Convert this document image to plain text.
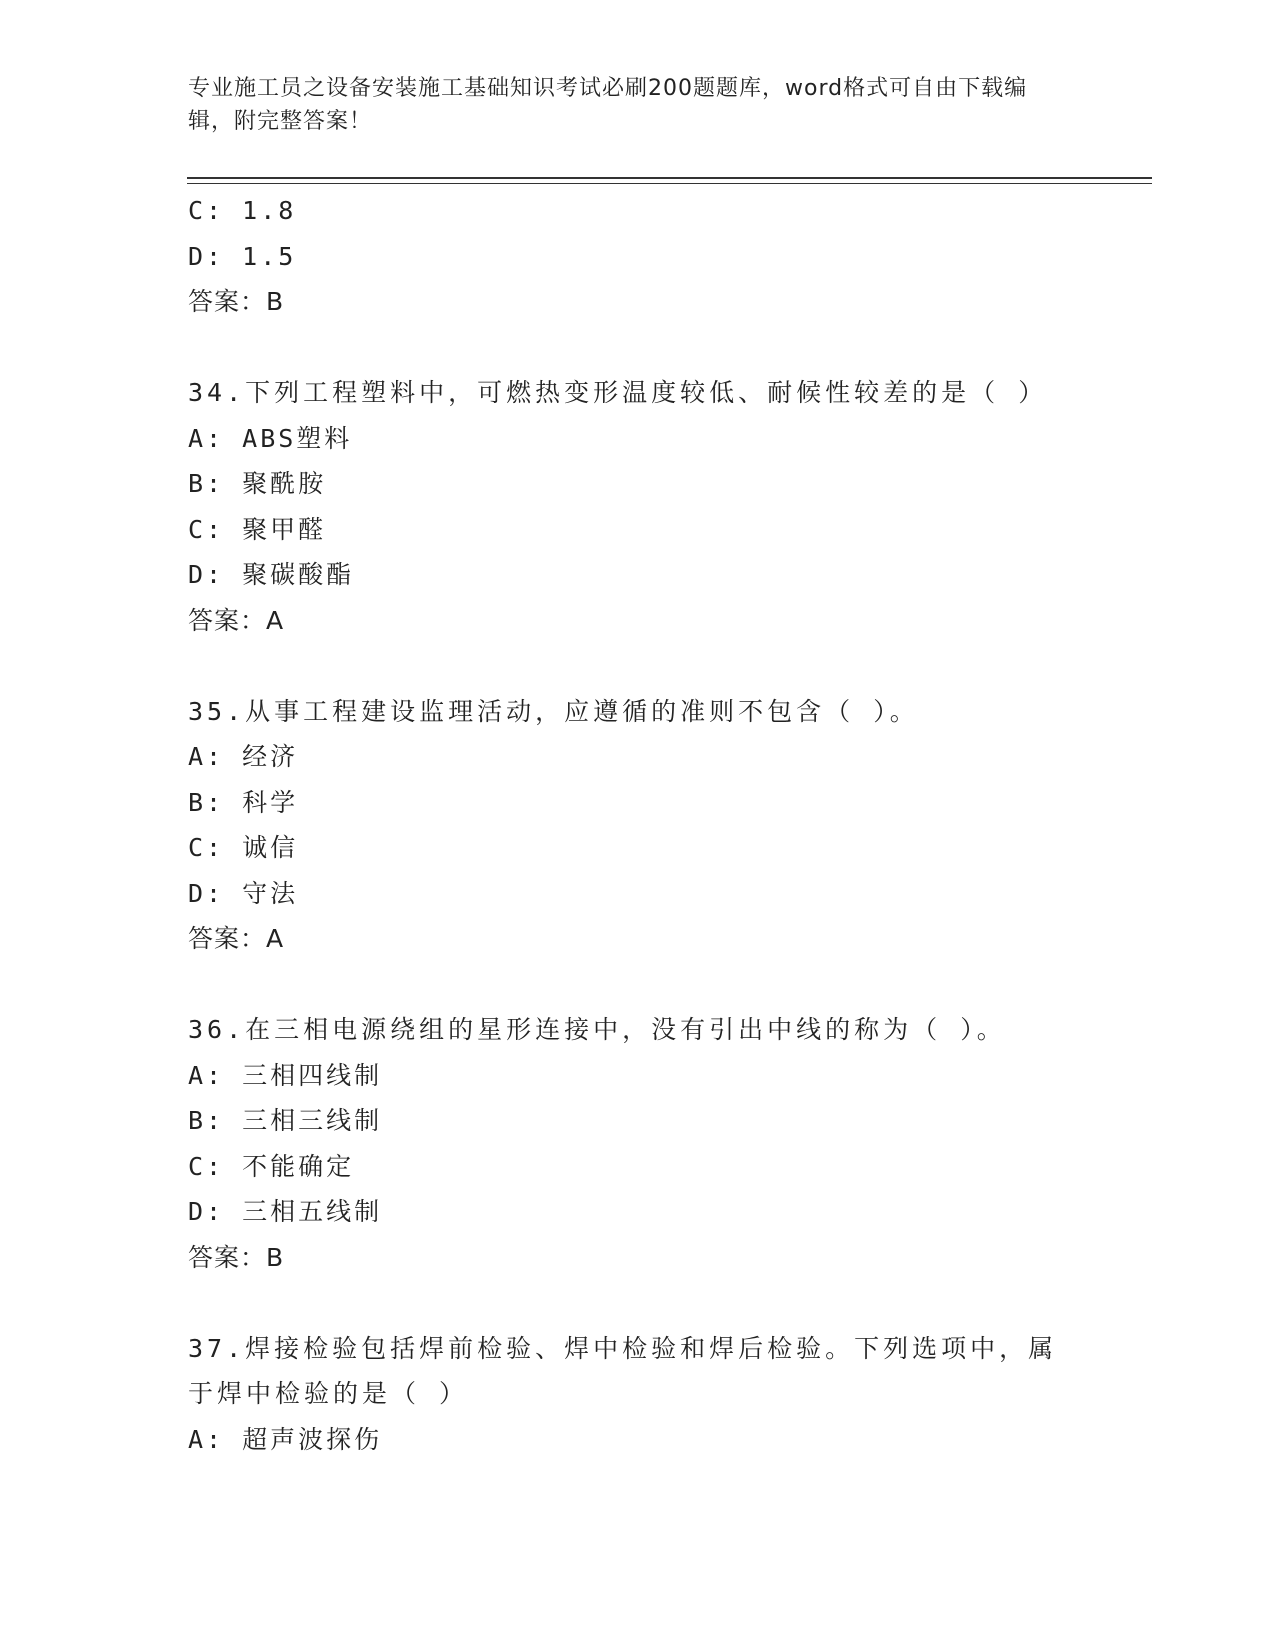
专业施工员之设备安装施工基础知识考试必刷200题题库，word格式可自由下载编辑，附完整答案！
C: 1.8
D: 1.5
答案：B
34.下列工程塑料中，可燃热变形温度较低、耐候性较差的是（ ）
A: ABS塑料
B: 聚酰胺
C: 聚甲醛
D: 聚碳酸酯
答案：A
35.从事工程建设监理活动，应遵循的准则不包含（ ）。
A: 经济
B: 科学
C: 诚信
D: 守法
答案：A
36.在三相电源绕组的星形连接中，没有引出中线的称为（ ）。
A: 三相四线制
B: 三相三线制
C: 不能确定
D: 三相五线制
答案：B
37.焊接检验包括焊前检验、焊中检验和焊后检验。下列选项中，属于焊中检验的是（ ）
A: 超声波探伤
